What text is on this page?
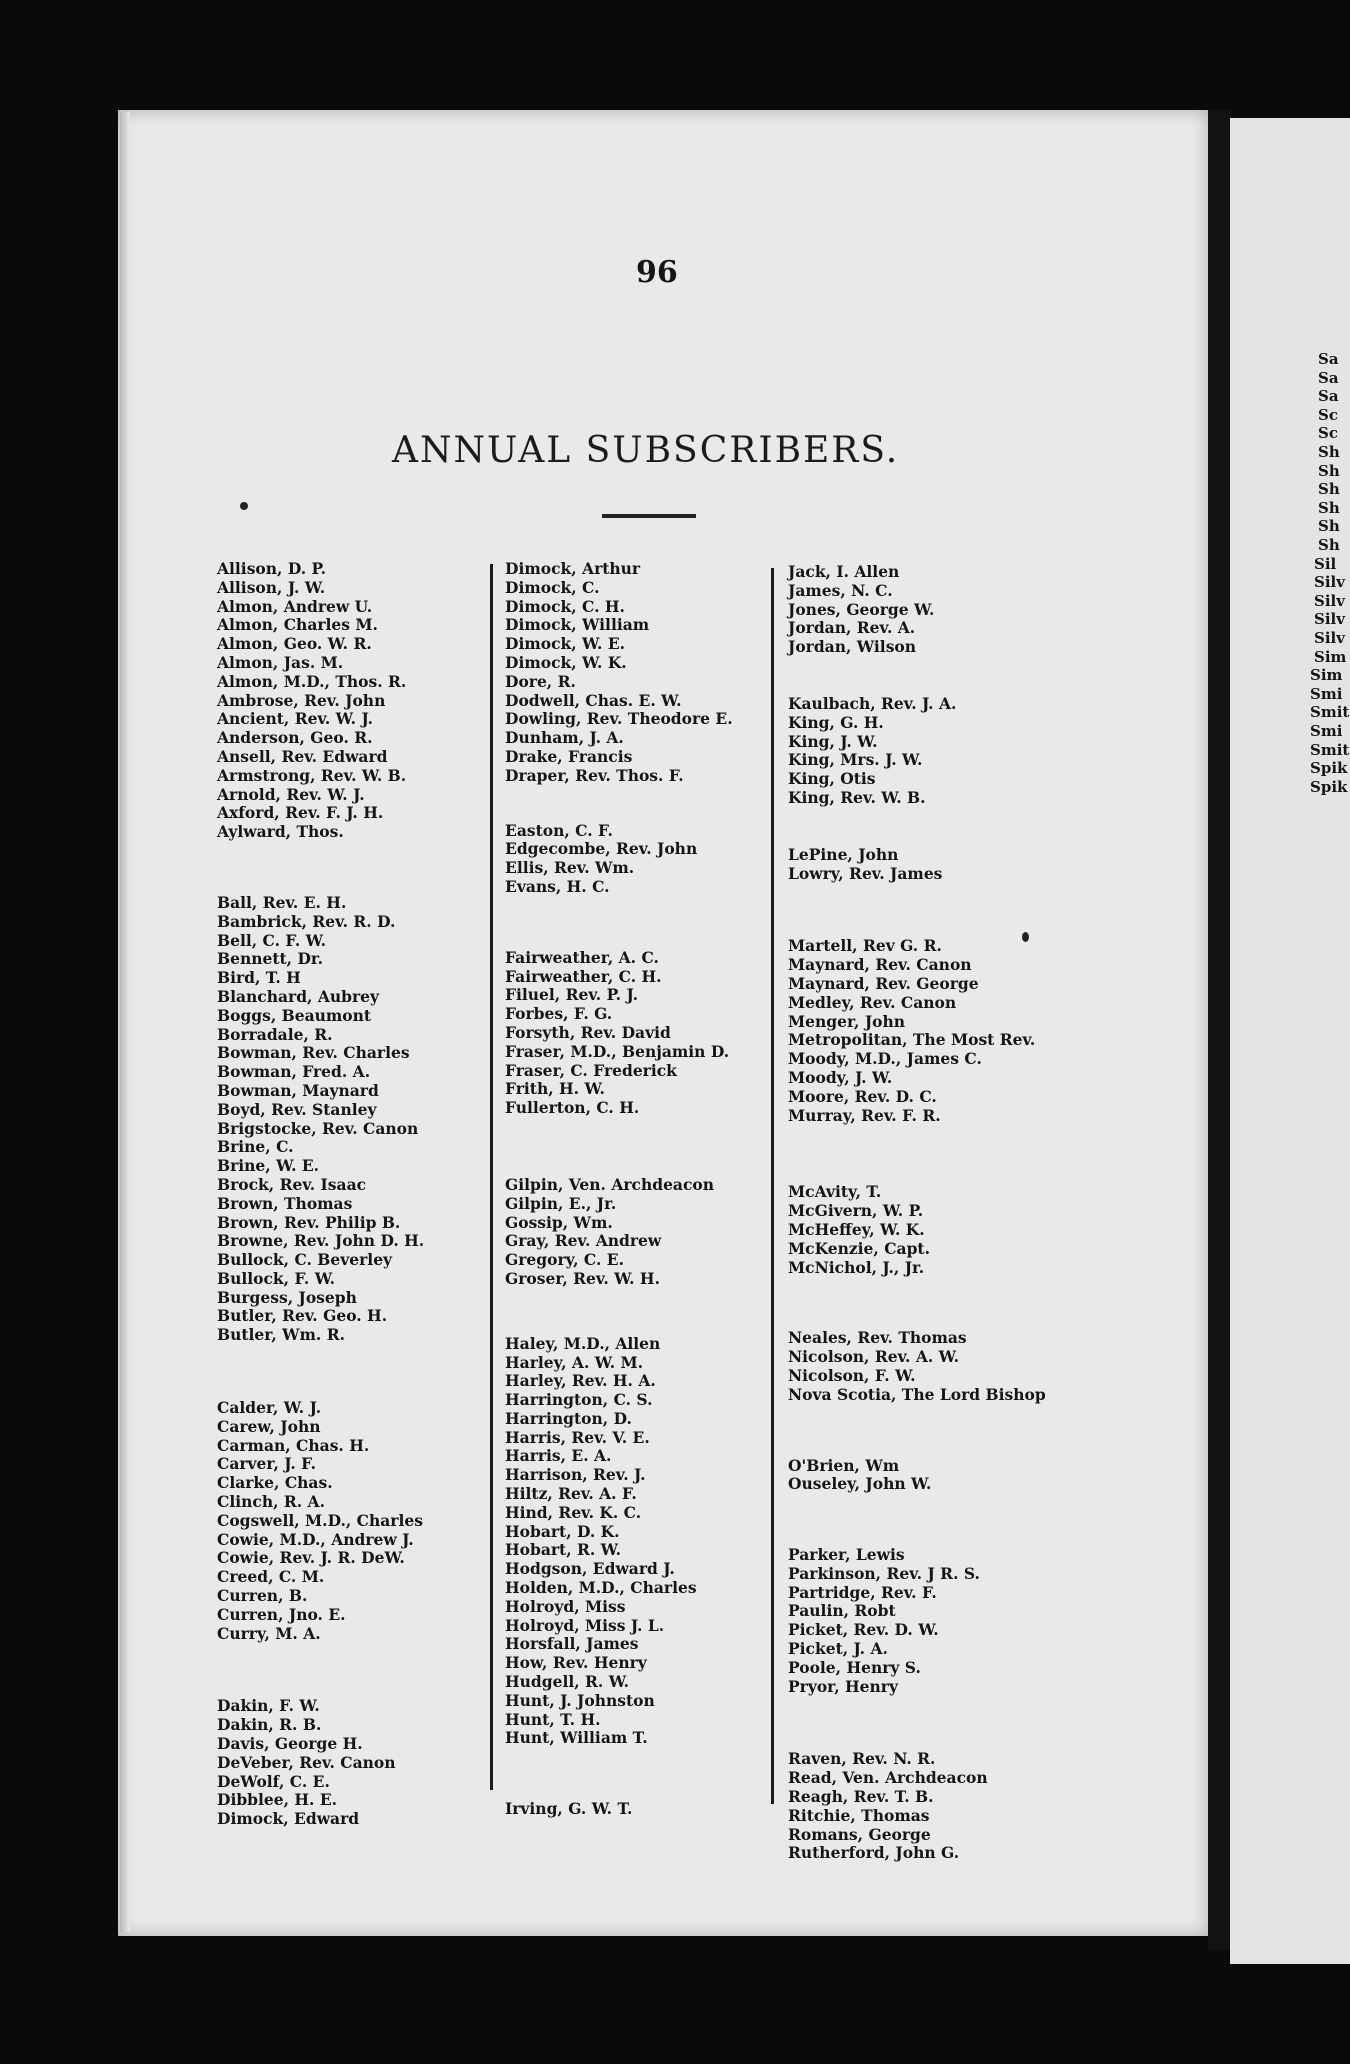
Sa
Sa
Sa
Sc
Sc
Sh
Sh
Sh
Sh
Sh
Sh
Sil
Silv
Silv
Silv
Silv
Sim
Sim
Smi
Smit
Smi
Smit
Spik
Spik
96
ANNUAL SUBSCRIBERS.
Allison, D. P.
Allison, J. W.
Almon, Andrew U.
Almon, Charles M.
Almon, Geo. W. R.
Almon, Jas. M.
Almon, M.D., Thos. R.
Ambrose, Rev. John
Ancient, Rev. W. J.
Anderson, Geo. R.
Ansell, Rev. Edward
Armstrong, Rev. W. B.
Arnold, Rev. W. J.
Axford, Rev. F. J. H.
Aylward, Thos.
Ball, Rev. E. H.
Bambrick, Rev. R. D.
Bell, C. F. W.
Bennett, Dr.
Bird, T. H
Blanchard, Aubrey
Boggs, Beaumont
Borradale, R.
Bowman, Rev. Charles
Bowman, Fred. A.
Bowman, Maynard
Boyd, Rev. Stanley
Brigstocke, Rev. Canon
Brine, C.
Brine, W. E.
Brock, Rev. Isaac
Brown, Thomas
Brown, Rev. Philip B.
Browne, Rev. John D. H.
Bullock, C. Beverley
Bullock, F. W.
Burgess, Joseph
Butler, Rev. Geo. H.
Butler, Wm. R.
Calder, W. J.
Carew, John
Carman, Chas. H.
Carver, J. F.
Clarke, Chas.
Clinch, R. A.
Cogswell, M.D., Charles
Cowie, M.D., Andrew J.
Cowie, Rev. J. R. DeW.
Creed, C. M.
Curren, B.
Curren, Jno. E.
Curry, M. A.
Dakin, F. W.
Dakin, R. B.
Davis, George H.
DeVeber, Rev. Canon
DeWolf, C. E.
Dibblee, H. E.
Dimock, Edward
Dimock, Arthur
Dimock, C.
Dimock, C. H.
Dimock, William
Dimock, W. E.
Dimock, W. K.
Dore, R.
Dodwell, Chas. E. W.
Dowling, Rev. Theodore E.
Dunham, J. A.
Drake, Francis
Draper, Rev. Thos. F.
Easton, C. F.
Edgecombe, Rev. John
Ellis, Rev. Wm.
Evans, H. C.
Fairweather, A. C.
Fairweather, C. H.
Filuel, Rev. P. J.
Forbes, F. G.
Forsyth, Rev. David
Fraser, M.D., Benjamin D.
Fraser, C. Frederick
Frith, H. W.
Fullerton, C. H.
Gilpin, Ven. Archdeacon
Gilpin, E., Jr.
Gossip, Wm.
Gray, Rev. Andrew
Gregory, C. E.
Groser, Rev. W. H.
Haley, M.D., Allen
Harley, A. W. M.
Harley, Rev. H. A.
Harrington, C. S.
Harrington, D.
Harris, Rev. V. E.
Harris, E. A.
Harrison, Rev. J.
Hiltz, Rev. A. F.
Hind, Rev. K. C.
Hobart, D. K.
Hobart, R. W.
Hodgson, Edward J.
Holden, M.D., Charles
Holroyd, Miss
Holroyd, Miss J. L.
Horsfall, James
How, Rev. Henry
Hudgell, R. W.
Hunt, J. Johnston
Hunt, T. H.
Hunt, William T.
Irving, G. W. T.
Jack, I. Allen
James, N. C.
Jones, George W.
Jordan, Rev. A.
Jordan, Wilson
Kaulbach, Rev. J. A.
King, G. H.
King, J. W.
King, Mrs. J. W.
King, Otis
King, Rev. W. B.
LePine, John
Lowry, Rev. James
Martell, Rev G. R.
Maynard, Rev. Canon
Maynard, Rev. George
Medley, Rev. Canon
Menger, John
Metropolitan, The Most Rev.
Moody, M.D., James C.
Moody, J. W.
Moore, Rev. D. C.
Murray, Rev. F. R.
McAvity, T.
McGivern, W. P.
McHeffey, W. K.
McKenzie, Capt.
McNichol, J., Jr.
Neales, Rev. Thomas
Nicolson, Rev. A. W.
Nicolson, F. W.
Nova Scotia, The Lord Bishop
O'Brien, Wm
Ouseley, John W.
Parker, Lewis
Parkinson, Rev. J R. S.
Partridge, Rev. F.
Paulin, Robt
Picket, Rev. D. W.
Picket, J. A.
Poole, Henry S.
Pryor, Henry
Raven, Rev. N. R.
Read, Ven. Archdeacon
Reagh, Rev. T. B.
Ritchie, Thomas
Romans, George
Rutherford, John G.
